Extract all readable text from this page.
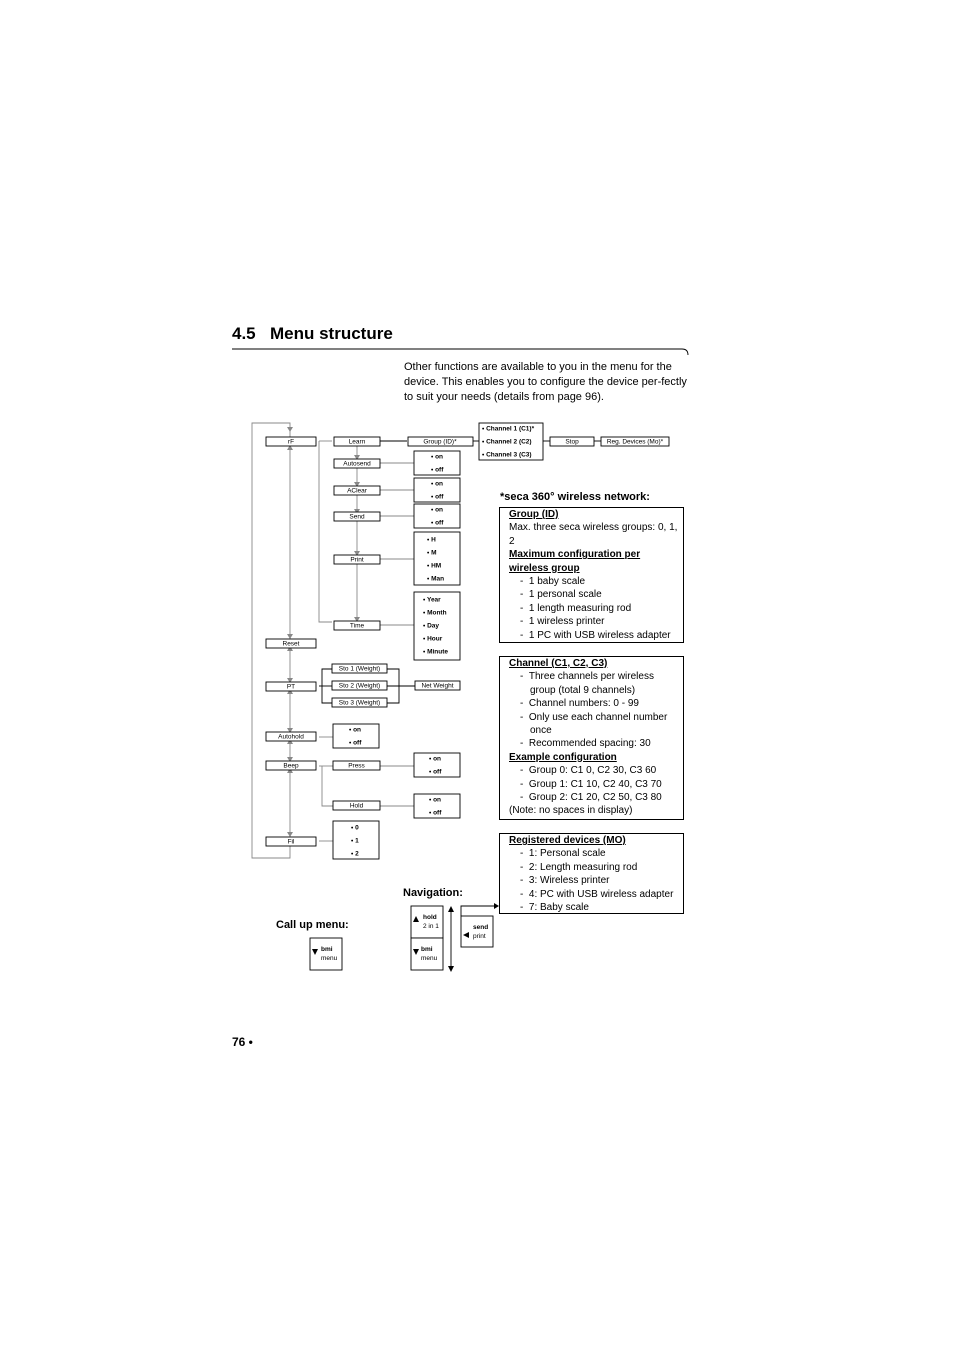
4.5 Menu structure
Other functions are available to you in the menu for the device. This enables you to configure the device per-fectly to suit your needs (details from page 96).
rF
Reset
PT
Autohold
Beep
Fil
Learn	Group (ID)*
• Channel 1 (C1)*
• Channel 2 (C2)
• Channel 3 (C3)
Stop	Reg. Devices (Mo)*
Autosend
AClear
Send
Print
Time
• on
• off
• on
• off
• on
• off
• H
• M
• HM
• Man
• Year
• Month
• Day
• Hour
• Minute
Sto 1 (Weight)
Sto 2 (Weight)
Sto 3 (Weight)
Net Weight
• on
• off
Press
• on
• off
Hold
• on
• off
• 0
• 1
• 2
*seca 360° wireless network:
Navigation:
Call up menu:
bmi
menu
hold
2 in 1
bmi
menu
send
print
Group (ID)

Max. three seca wireless groups: 0, 1, 2

Maximum configuration per wireless group
-  1 baby scale
-  1 personal scale
-  1 length measuring rod
-  1 wireless printer
-  1 PC with USB wireless adapter
Channel (C1, C2, C3)
-  Three channels per wireless group (total 9 channels)
-  Channel numbers: 0 - 99
-  Only use each channel number once
-  Recommended spacing: 30
Example configuration
-  Group 0: C1 0, C2 30, C3 60
-  Group 1: C1 10, C2 40, C3 70
-  Group 2: C1 20, C2 50, C3 80

(Note: no spaces in display)

Registered devices (MO)
-  1: Personal scale
-  2: Length measuring rod
-  3: Wireless printer
-  4: PC with USB wireless adapter
-  7: Baby scale
76 •
